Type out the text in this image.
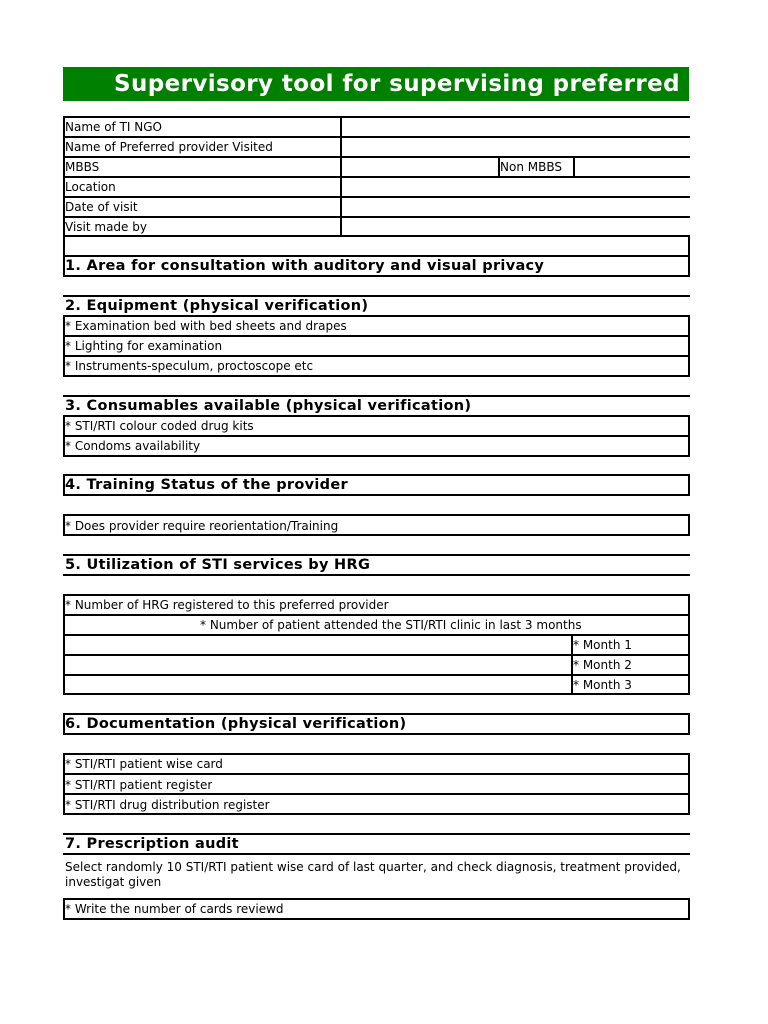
Supervisory tool for supervising preferred
Name of TI NGO
Name of Preferred provider Visited
MBBS	Non MBBS
Location
Date of visit
Visit made by
1. Area for consultation with auditory and visual privacy
2. Equipment (physical verification)
* Examination bed with bed sheets and drapes
* Lighting for examination
* Instruments-speculum, proctoscope etc
3. Consumables available (physical verification)
* STI/RTI colour coded drug kits
* Condoms availability
4. Training Status of the provider
* Does provider require reorientation/Training
5. Utilization of STI services by HRG
* Number of HRG registered to this preferred provider
* Number of patient attended the STI/RTI clinic in last 3 months
* Month 1
* Month 2
* Month 3
6. Documentation (physical verification)
* STI/RTI patient wise card
* STI/RTI patient register
* STI/RTI drug distribution register
7. Prescription audit
Select randomly 10 STI/RTI patient wise card of last quarter, and check diagnosis, treatment provided, investigat given
* Write the number of cards reviewd
